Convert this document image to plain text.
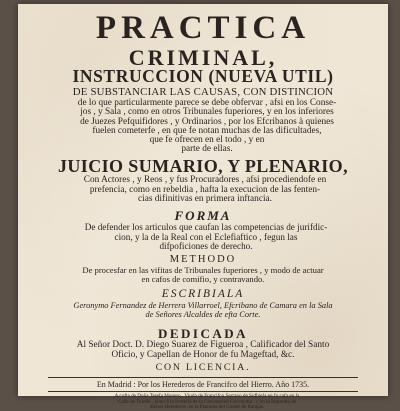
PRACTICA
CRIMINAL,
INSTRUCCION (NUEVA UTIL)
DE SUBSTANCIAR LAS CAUSAS, CON DISTINCION
de lo que particularmente parece se debe obfervar , afsi en los Conse-
jos , y Sala , como en otros Tribunales fuperiores, y en los inferiores
de Juezes Pefquifidores , y Ordinarios , por los Efcribanos à quienes
fuelen cometerfe , en que fe notan muchas de las dificultades,
que fe ofrecen en el todo , y en
parte de ellas.
JUICIO SUMARIO, Y PLENARIO,
Con Actores , y Reos , y fus Procuradores , afsi procediendofe en
prefencia, como en rebeldia , hafta la execucion de las fenten-
cias difinitivas en primera inftancia.
FORMA
De defender los articulos que caufan las competencias de jurifdic-
cion, y la de la Real con el Eclefiaftico , fegun las
difpoficiones de derecho.
METHODO
De procesfar en las vifitas de Tribunales fuperiores , y modo de actuar
en cafos de comifio, y contravando.
ESCRIBIALA
Geronymo Fernandez de Herrera Villarroel, Efcribano de Camara en la Sala
de Señores Alcaldes de efta Corte.
DEDICADA
Al Señor Doct. D. Diego Suarez de Figueroa , Calificador del Santo
Oficio, y Capellan de Honor de fu Mageftad, &c.
CON LICENCIA.
En Madrid : Por los Herederos de Francifco del Hierro. Año 1735.
A cofta de Doña Terefa Moreno , Viuda de Francifco Serrano de Sufbiela en fu cafa en la
Calle de Toledo , junto à la Porteria de la Concepcion Geronyma ; y en la Imprenta de
dichos Herederos, en la Plazuela del Conde de Barajas.
